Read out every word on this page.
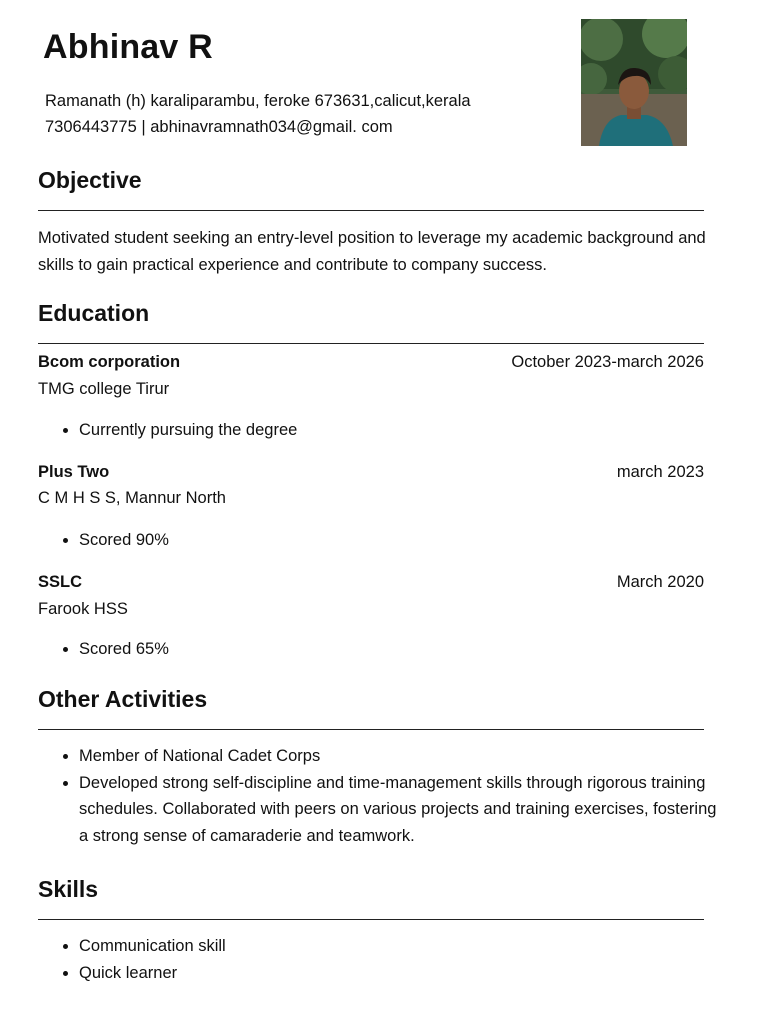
Abhinav R
Ramanath (h) karaliparambu, feroke 673631,calicut,kerala
7306443775 | abhinavramnath034@gmail. com
Objective

Motivated student seeking an entry-level position to leverage my academic background and skills to gain practical experience and contribute to company success.

Education
Bcom corporation	October 2023-march 2026
TMG college Tirur
• Currently pursuing the degree
Plus Two	march 2023
C M H S S, Mannur North
• Scored 90%
SSLC	March 2020
Farook HSS
• Scored 65%
Other Activities
• Member of National Cadet Corps
• Developed strong self-discipline and time-management skills through rigorous training schedules. Collaborated with peers on various projects and training exercises, fostering a strong sense of camaraderie and teamwork.
Skills
• Communication skill
• Quick learner
